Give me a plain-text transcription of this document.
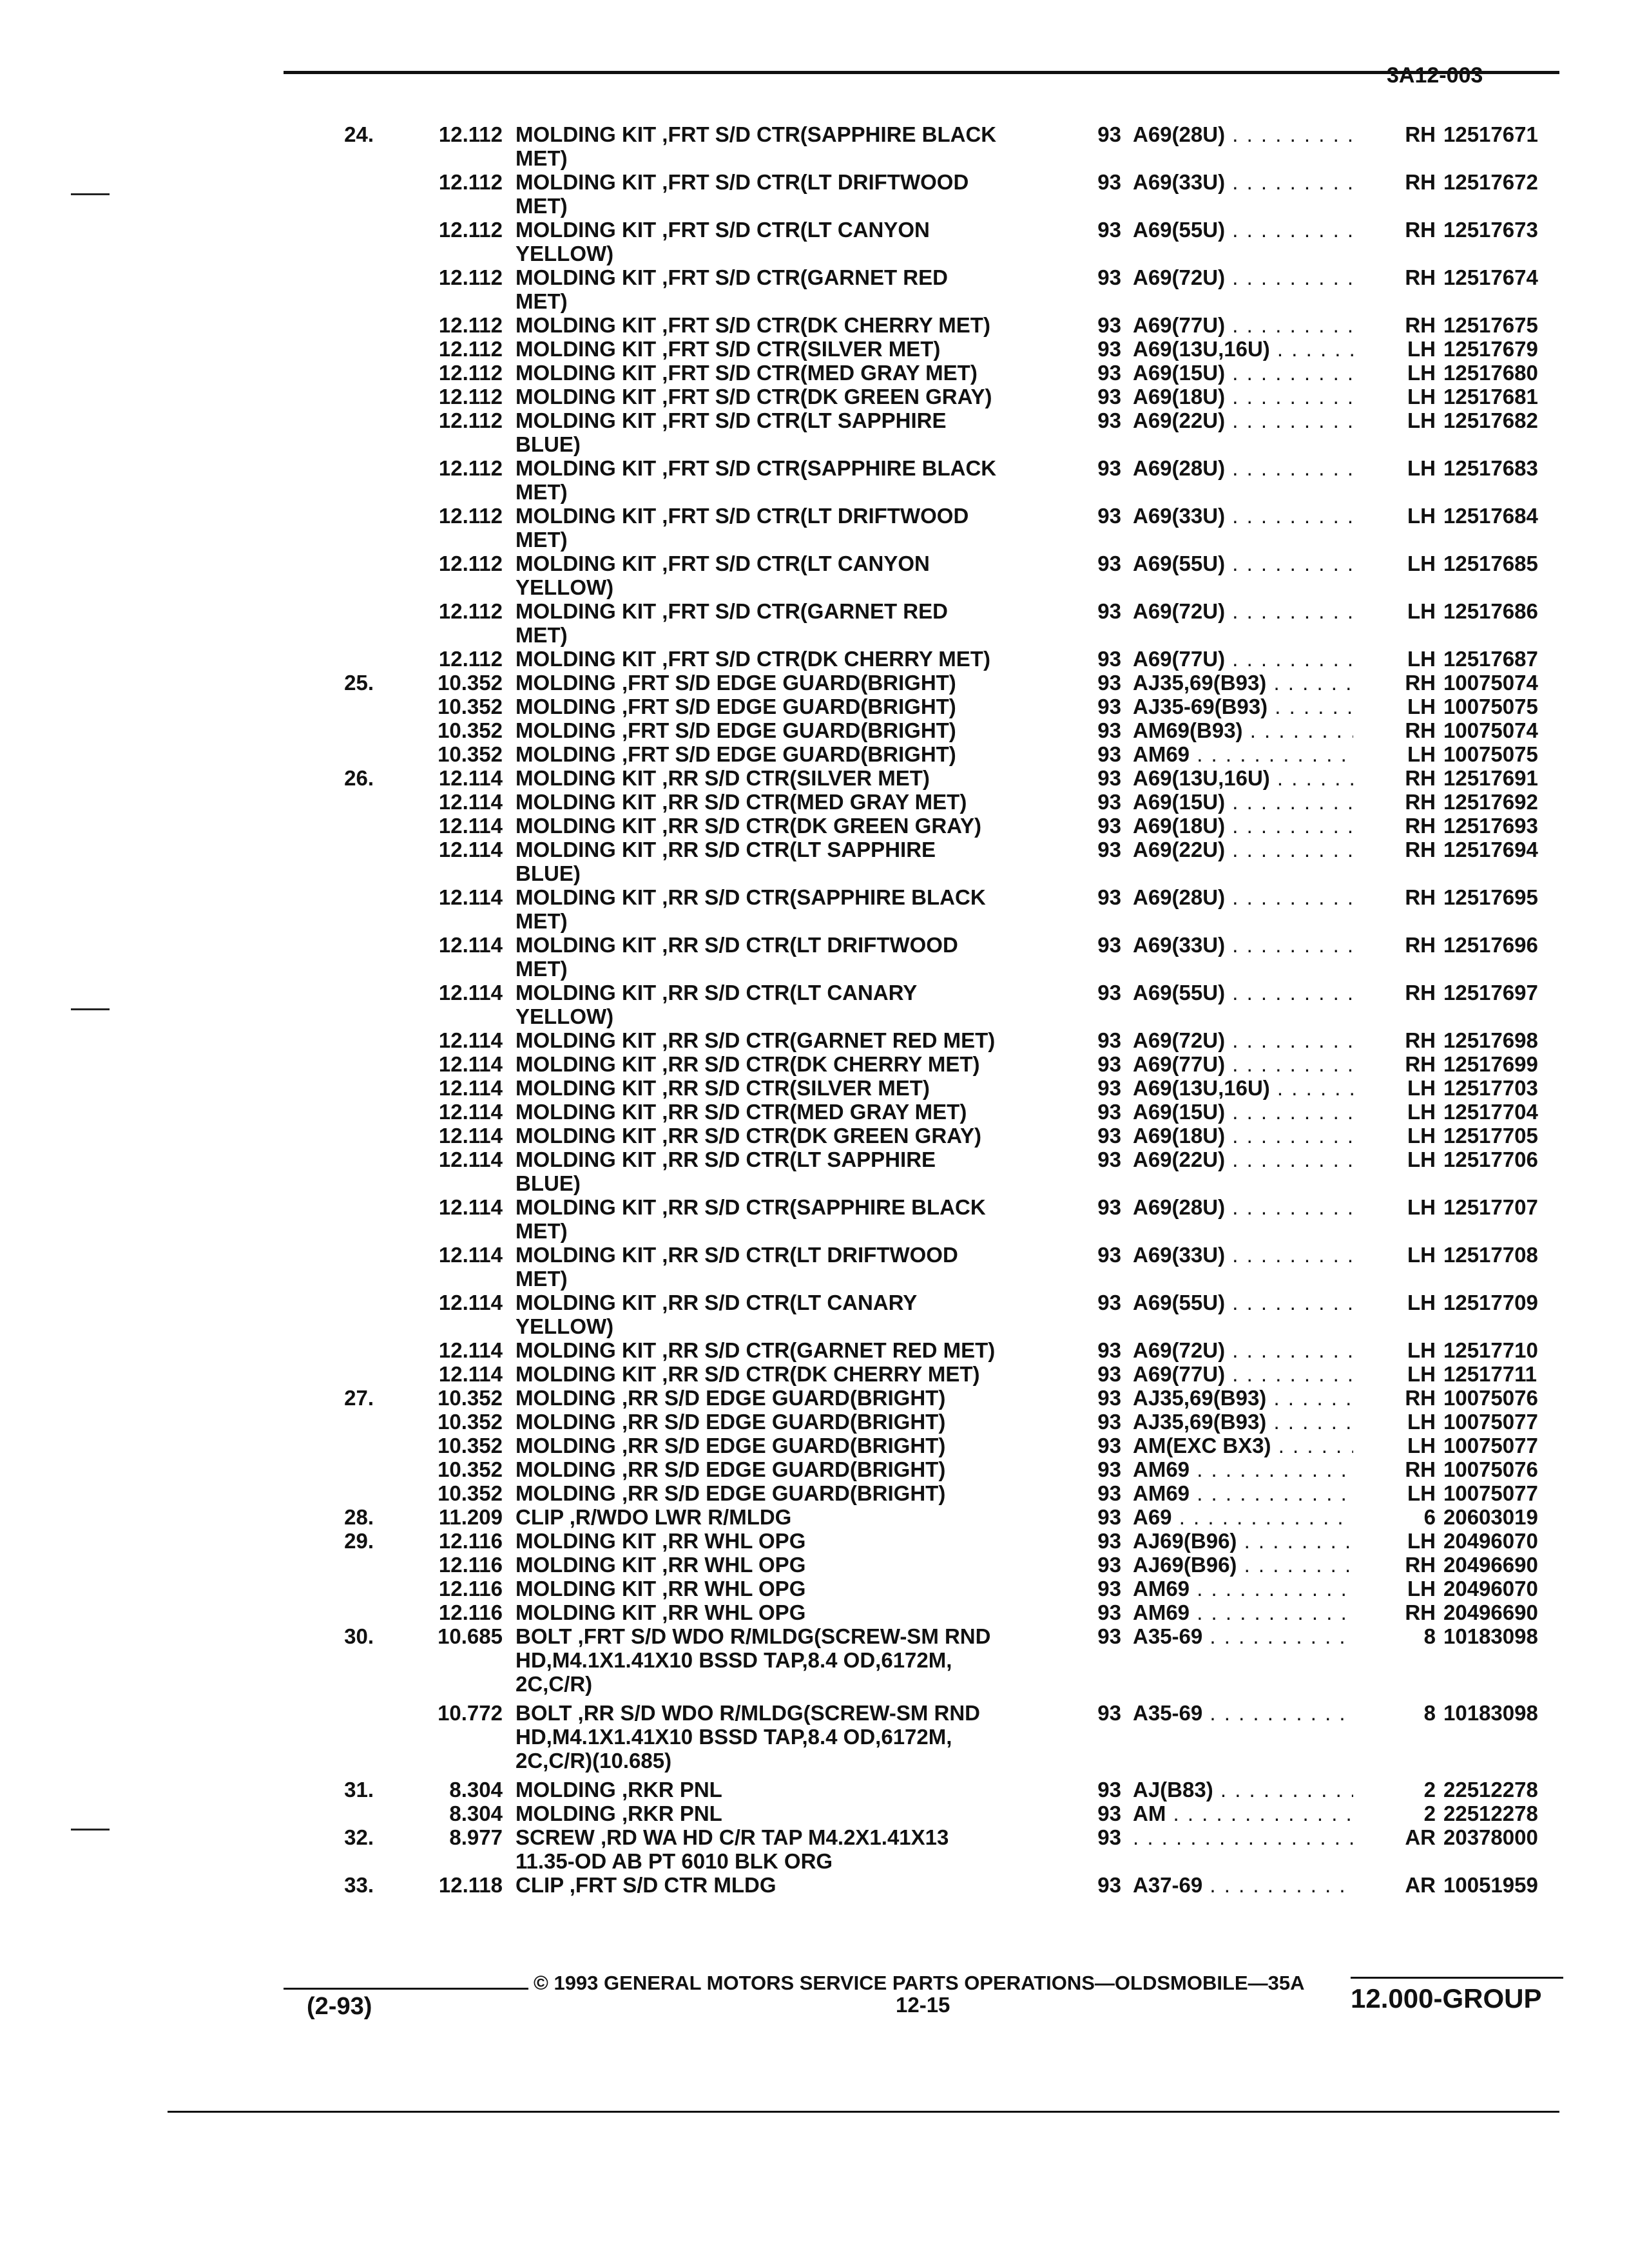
3A12-003
24.	12.112 MOLDING KIT ,FRT S/D CTR(SAPPHIRE BLACK
MET)
93 A69(28U) . . .	RH 12517671
12.112 MOLDING KIT ,FRT S/D CTR(LT DRIFTWOOD
MET)
93 A69(33U) . . .	RH 12517672
12.112 MOLDING KIT ,FRT S/D CTR(LT CANYON
YELLOW)
93 A69(55U) . . .	RH 12517673
12.112 MOLDING KIT ,FRT S/D CTR(GARNET RED
MET)
93 A69(72U) . . .	RH 12517674
12.112 MOLDING KIT ,FRT S/D CTR(DK CHERRY MET)	93 A69(77U) . . .	RH 12517675
12.112 MOLDING KIT ,FRT S/D CTR(SILVER MET)	93 A69(13U,16U) . . .	LH 12517679
12.112 MOLDING KIT ,FRT S/D CTR(MED GRAY MET)	93 A69(15U) . . .	LH 12517680
12.112 MOLDING KIT ,FRT S/D CTR(DK GREEN GRAY)	93 A69(18U) . . .	LH 12517681
12.112 MOLDING KIT ,FRT S/D CTR(LT SAPPHIRE
BLUE)
93 A69(22U) . . .	LH 12517682
12.112 MOLDING KIT ,FRT S/D CTR(SAPPHIRE BLACK
MET)
93 A69(28U) . . .	LH 12517683
12.112 MOLDING KIT ,FRT S/D CTR(LT DRIFTWOOD
MET)
93 A69(33U) . . .	LH 12517684
12.112 MOLDING KIT ,FRT S/D CTR(LT CANYON
YELLOW)
93 A69(55U) . . .	LH 12517685
12.112 MOLDING KIT ,FRT S/D CTR(GARNET RED
MET)
93 A69(72U) . . .	LH 12517686
12.112 MOLDING KIT ,FRT S/D CTR(DK CHERRY MET)	93 A69(77U) . . .	LH 12517687
25.	10.352 MOLDING ,FRT S/D EDGE GUARD(BRIGHT)	93 AJ35,69(B93) . . .	RH 10075074
10.352 MOLDING ,FRT S/D EDGE GUARD(BRIGHT)	93 AJ35-69(B93) . . .	LH 10075075
10.352 MOLDING ,FRT S/D EDGE GUARD(BRIGHT)	93 AM69(B93) . . .	RH 10075074
10.352 MOLDING ,FRT S/D EDGE GUARD(BRIGHT)	93 AM69 . . .	LH 10075075
26.	12.114 MOLDING KIT ,RR S/D CTR(SILVER MET)	93 A69(13U,16U) . . .	RH 12517691
12.114 MOLDING KIT ,RR S/D CTR(MED GRAY MET)	93 A69(15U) . . .	RH 12517692
12.114 MOLDING KIT ,RR S/D CTR(DK GREEN GRAY)	93 A69(18U) . . .	RH 12517693
12.114 MOLDING KIT ,RR S/D CTR(LT SAPPHIRE
BLUE)
93 A69(22U) . . .	RH 12517694
12.114 MOLDING KIT ,RR S/D CTR(SAPPHIRE BLACK
MET)
93 A69(28U) . . .	RH 12517695
12.114 MOLDING KIT ,RR S/D CTR(LT DRIFTWOOD
MET)
93 A69(33U) . . .	RH 12517696
12.114 MOLDING KIT ,RR S/D CTR(LT CANARY
YELLOW)
93 A69(55U) . . .	RH 12517697
12.114 MOLDING KIT ,RR S/D CTR(GARNET RED MET)	93 A69(72U) . . .	RH 12517698
12.114 MOLDING KIT ,RR S/D CTR(DK CHERRY MET)	93 A69(77U) . . .	RH 12517699
12.114 MOLDING KIT ,RR S/D CTR(SILVER MET)	93 A69(13U,16U) . . .	LH 12517703
12.114 MOLDING KIT ,RR S/D CTR(MED GRAY MET)	93 A69(15U) . . .	LH 12517704
12.114 MOLDING KIT ,RR S/D CTR(DK GREEN GRAY)	93 A69(18U) . . .	LH 12517705
12.114 MOLDING KIT ,RR S/D CTR(LT SAPPHIRE
BLUE)
93 A69(22U) . . .	LH 12517706
12.114 MOLDING KIT ,RR S/D CTR(SAPPHIRE BLACK
MET)
93 A69(28U) . . .	LH 12517707
12.114 MOLDING KIT ,RR S/D CTR(LT DRIFTWOOD
MET)
93 A69(33U) . . .	LH 12517708
12.114 MOLDING KIT ,RR S/D CTR(LT CANARY
YELLOW)
93 A69(55U) . . .	LH 12517709
12.114 MOLDING KIT ,RR S/D CTR(GARNET RED MET)	93 A69(72U) . . .	LH 12517710
12.114 MOLDING KIT ,RR S/D CTR(DK CHERRY MET)	93 A69(77U) . . .	LH 12517711
27.	10.352 MOLDING ,RR S/D EDGE GUARD(BRIGHT)	93 AJ35,69(B93) . . .	RH 10075076
10.352 MOLDING ,RR S/D EDGE GUARD(BRIGHT)	93 AJ35,69(B93) . . .	LH 10075077
10.352 MOLDING ,RR S/D EDGE GUARD(BRIGHT)	93 AM(EXC BX3) . . .	LH 10075077
10.352 MOLDING ,RR S/D EDGE GUARD(BRIGHT)	93 AM69 . . .	RH 10075076
10.352 MOLDING ,RR S/D EDGE GUARD(BRIGHT)	93 AM69 . . .	LH 10075077
28.	11.209 CLIP ,R/WDO LWR R/MLDG	93 A69 . . .	6 20603019
29.	12.116 MOLDING KIT ,RR WHL OPG	93 AJ69(B96) . . .	LH 20496070
12.116 MOLDING KIT ,RR WHL OPG	93 AJ69(B96) . . .	RH 20496690
12.116 MOLDING KIT ,RR WHL OPG	93 AM69 . . .	LH 20496070
12.116 MOLDING KIT ,RR WHL OPG	93 AM69 . . .	RH 20496690
30.	10.685 BOLT ,FRT S/D WDO R/MLDG(SCREW-SM RND
HD,M4.1X1.41X10 BSSD TAP,8.4 OD,6172M,
2C,C/R)
93 A35-69 . . .	8 10183098
10.772 BOLT ,RR S/D WDO R/MLDG(SCREW-SM RND
HD,M4.1X1.41X10 BSSD TAP,8.4 OD,6172M,
2C,C/R)(10.685)
93 A35-69 . . .	8 10183098
31.	8.304 MOLDING ,RKR PNL	93 AJ(B83) . . .	2 22512278
8.304 MOLDING ,RKR PNL	93 AM . . .	2 22512278
32.	8.977 SCREW ,RD WA HD C/R TAP M4.2X1.41X13
11.35-OD AB PT 6010 BLK ORG
93
. . .	AR 20378000
33.	12.118 CLIP ,FRT S/D CTR MLDG	93 A37-69 . . .	AR 10051959
© 1993 GENERAL MOTORS SERVICE PARTS OPERATIONS—OLDSMOBILE—35A
(2-93)	12-15	12.000-GROUP
